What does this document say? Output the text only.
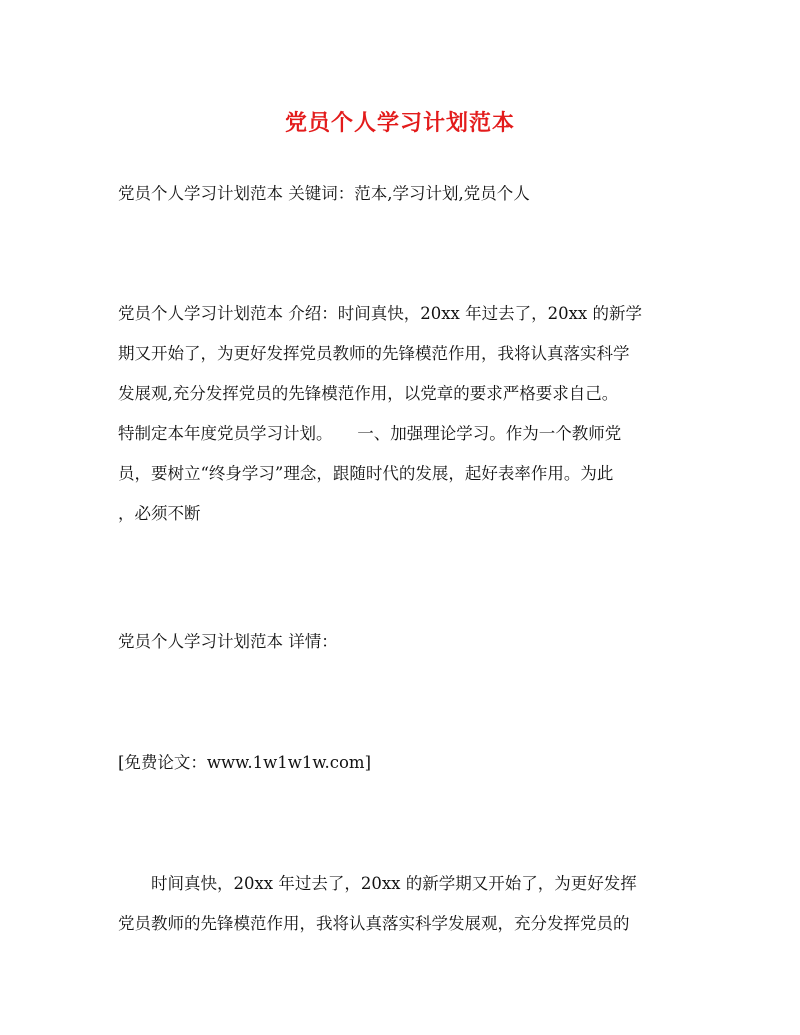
党员个人学习计划范本
党员个人学习计划范本 关键词：范本,学习计划,党员个人
党员个人学习计划范本 介绍：时间真快，20xx 年过去了，20xx 的新学
期又开始了，为更好发挥党员教师的先锋模范作用，我将认真落实科学
发展观,充分发挥党员的先锋模范作用，以党章的要求严格要求自己。
特制定本年度党员学习计划。　　一、加强理论学习。作为一个教师党
员，要树立“终身学习”理念，跟随时代的发展，起好表率作用。为此
，必须不断
党员个人学习计划范本 详情：
[免费论文：www.1w1w1w.com]
　　时间真快，20xx 年过去了，20xx 的新学期又开始了，为更好发挥
党员教师的先锋模范作用，我将认真落实科学发展观，充分发挥党员的
